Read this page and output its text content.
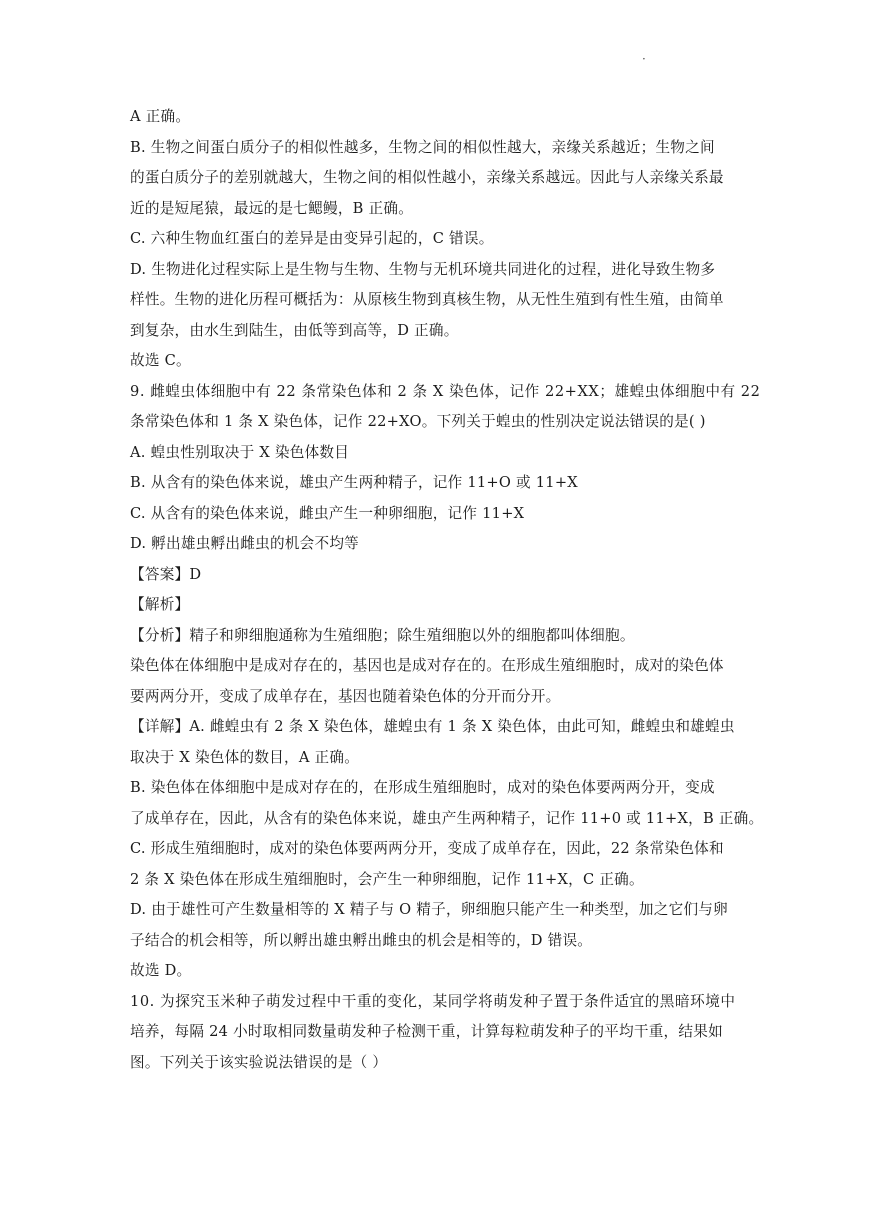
·
A 正确。
B. 生物之间蛋白质分子的相似性越多，生物之间的相似性越大，亲缘关系越近；生物之间
的蛋白质分子的差别就越大，生物之间的相似性越小，亲缘关系越远。因此与人亲缘关系最
近的是短尾猿，最远的是七鳃鳗，B 正确。
C. 六种生物血红蛋白的差异是由变异引起的，C 错误。
D. 生物进化过程实际上是生物与生物、生物与无机环境共同进化的过程，进化导致生物多
样性。生物的进化历程可概括为：从原核生物到真核生物，从无性生殖到有性生殖，由简单
到复杂，由水生到陆生，由低等到高等，D 正确。
故选 C。
9. 雌蝗虫体细胞中有 22 条常染色体和 2 条 X 染色体，记作 22+XX；雄蝗虫体细胞中有 22
条常染色体和 1 条 X 染色体，记作 22+XO。下列关于蝗虫的性别决定说法错误的是( )
A. 蝗虫性别取决于 X 染色体数目
B. 从含有的染色体来说，雄虫产生两种精子，记作 11+O 或 11+X
C. 从含有的染色体来说，雌虫产生一种卵细胞，记作 11+X
D. 孵出雄虫孵出雌虫的机会不均等
【答案】D
【解析】
【分析】精子和卵细胞通称为生殖细胞；除生殖细胞以外的细胞都叫体细胞。
染色体在体细胞中是成对存在的，基因也是成对存在的。在形成生殖细胞时，成对的染色体
要两两分开，变成了成单存在，基因也随着染色体的分开而分开。
【详解】A. 雌蝗虫有 2 条 X 染色体，雄蝗虫有 1 条 X 染色体，由此可知，雌蝗虫和雄蝗虫
取决于 X 染色体的数目，A 正确。
B. 染色体在体细胞中是成对存在的，在形成生殖细胞时，成对的染色体要两两分开，变成
了成单存在，因此，从含有的染色体来说，雄虫产生两种精子，记作 11+0 或 11+X，B 正确。
C. 形成生殖细胞时，成对的染色体要两两分开，变成了成单存在，因此，22 条常染色体和
2 条 X 染色体在形成生殖细胞时，会产生一种卵细胞，记作 11+X，C 正确。
D. 由于雄性可产生数量相等的 X 精子与 O 精子，卵细胞只能产生一种类型，加之它们与卵
子结合的机会相等，所以孵出雄虫孵出雌虫的机会是相等的，D 错误。
故选 D。
10. 为探究玉米种子萌发过程中干重的变化，某同学将萌发种子置于条件适宜的黑暗环境中
培养，每隔 24 小时取相同数量萌发种子检测干重，计算每粒萌发种子的平均干重，结果如
图。下列关于该实验说法错误的是（ ）
